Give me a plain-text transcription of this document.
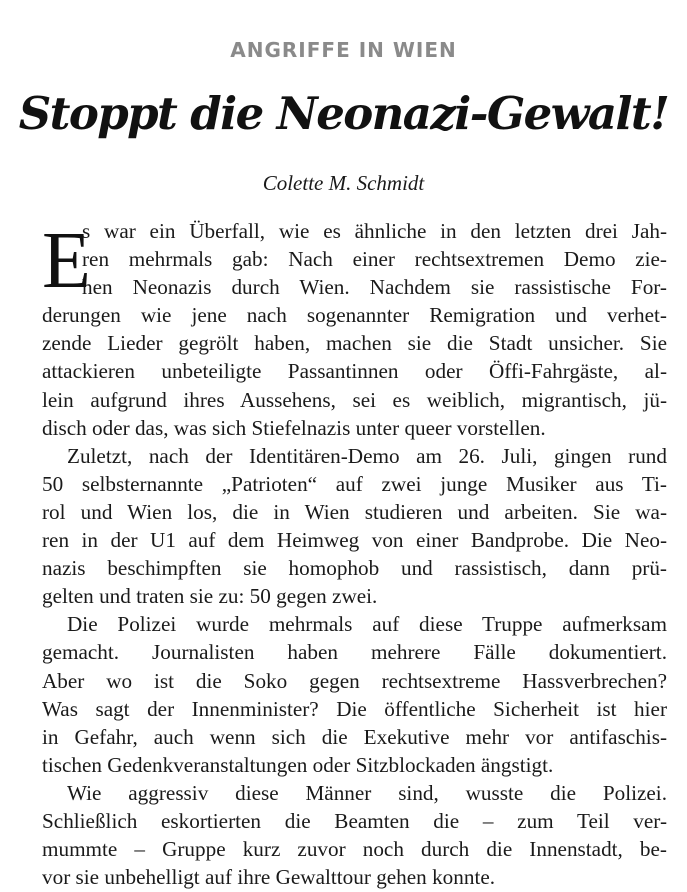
ANGRIFFE IN WIEN
Stoppt die Neonazi-Gewalt!

Colette M. Schmidt

E
s war ein Überfall, wie es ähnliche in den letzten drei Jah-
ren mehrmals gab: Nach einer rechtsextremen Demo zie-
hen Neonazis durch Wien. Nachdem sie rassistische For-
derungen wie jene nach sogenannter Remigration und verhet-
zende Lieder gegrölt haben, machen sie die Stadt unsicher. Sie
attackieren unbeteiligte Passantinnen oder Öffi-Fahrgäste, al-
lein aufgrund ihres Aussehens, sei es weiblich, migrantisch, jü-
disch oder das, was sich Stiefelnazis unter queer vorstellen.
Zuletzt, nach der Identitären-Demo am 26. Juli, gingen rund
50 selbsternannte „Patrioten“ auf zwei junge Musiker aus Ti-
rol und Wien los, die in Wien studieren und arbeiten. Sie wa-
ren in der U1 auf dem Heimweg von einer Bandprobe. Die Neo-
nazis beschimpften sie homophob und rassistisch, dann prü-
gelten und traten sie zu: 50 gegen zwei.
Die Polizei wurde mehrmals auf diese Truppe aufmerksam
gemacht. Journalisten haben mehrere Fälle dokumentiert.
Aber wo ist die Soko gegen rechtsextreme Hassverbrechen?
Was sagt der Innenminister? Die öffentliche Sicherheit ist hier
in Gefahr, auch wenn sich die Exekutive mehr vor antifaschis-
tischen Gedenkveranstaltungen oder Sitzblockaden ängstigt.
Wie aggressiv diese Männer sind, wusste die Polizei.
Schließlich eskortierten die Beamten die – zum Teil ver-
mummte – Gruppe kurz zuvor noch durch die Innenstadt, be-
vor sie unbehelligt auf ihre Gewalttour gehen konnte.
